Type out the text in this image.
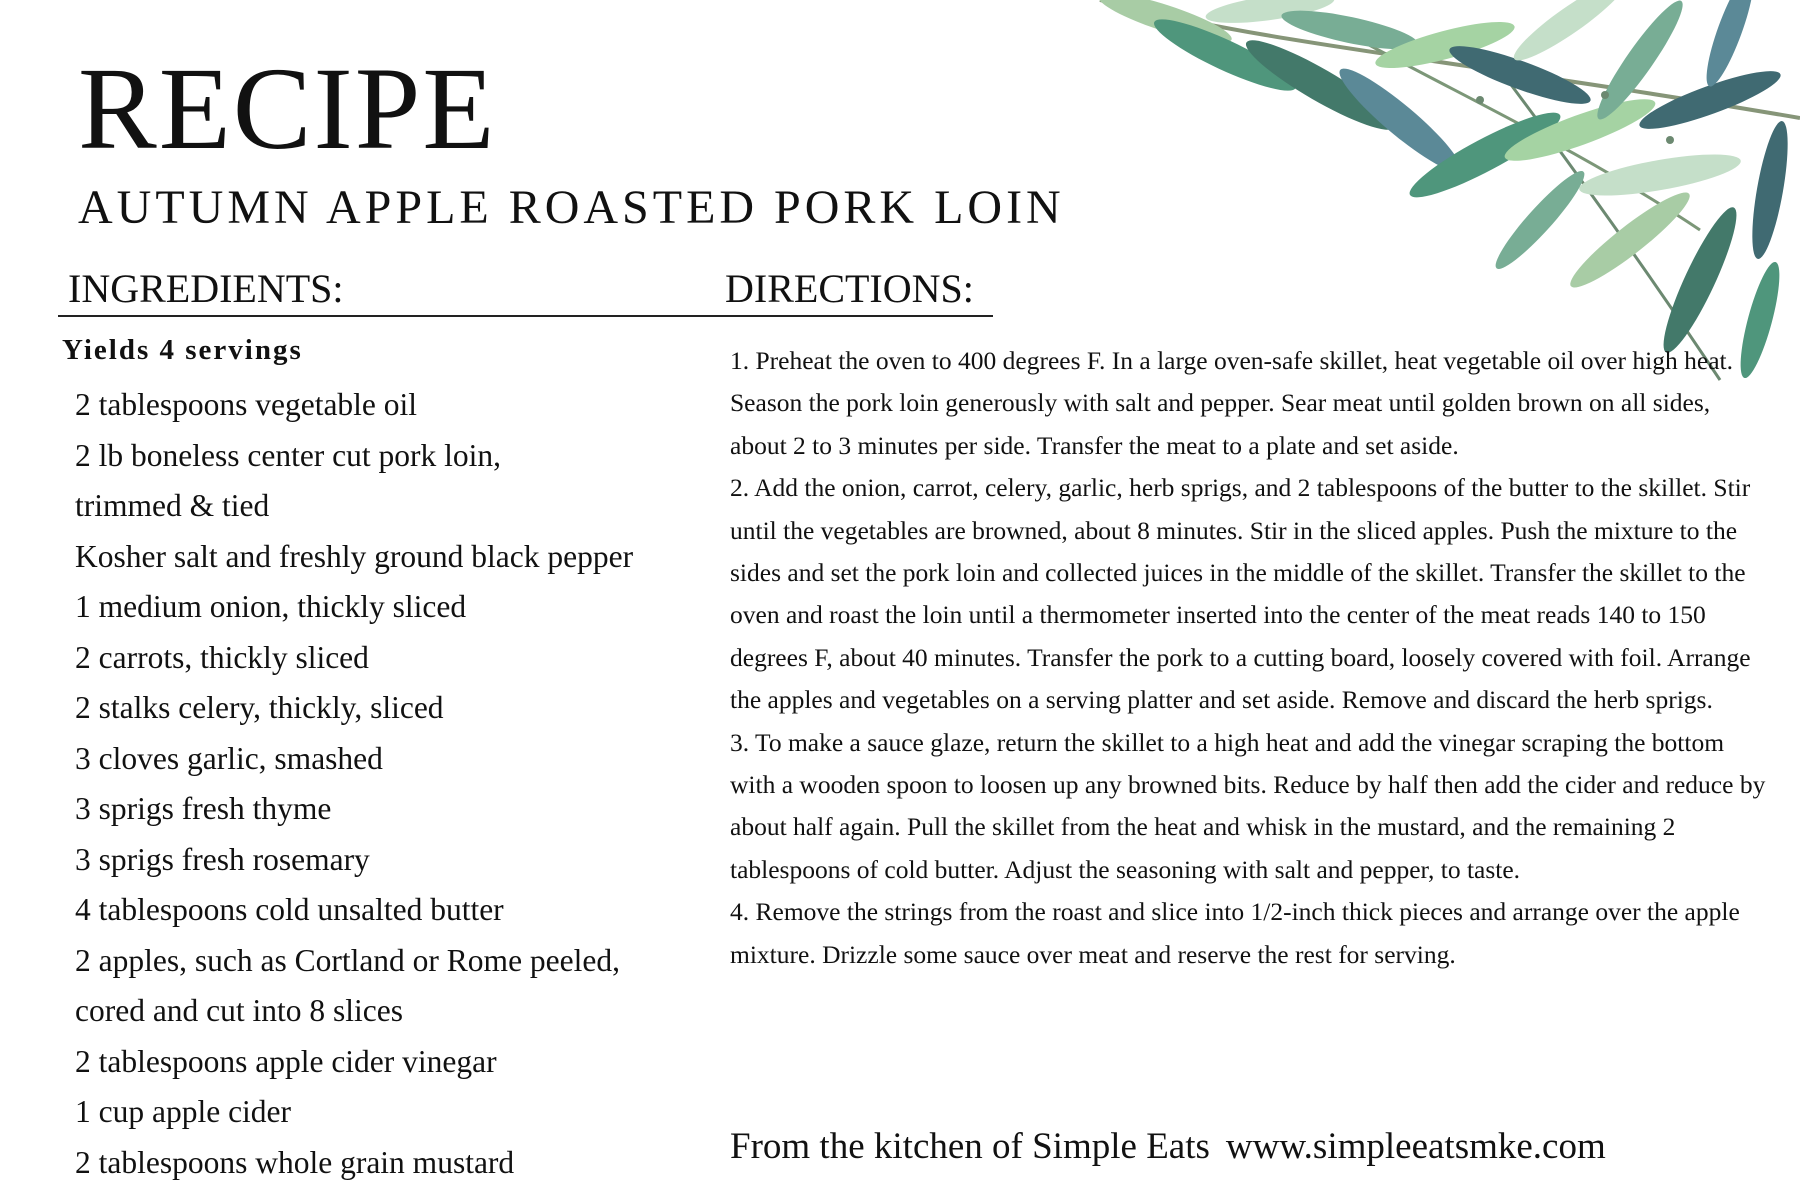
RECIPE
AUTUMN APPLE ROASTED PORK LOIN
INGREDIENTS:	DIRECTIONS:
Yields 4 servings
2 tablespoons vegetable oil
2 lb boneless center cut pork loin,
trimmed & tied
Kosher salt and freshly ground black pepper
1 medium onion, thickly sliced
2 carrots, thickly sliced
2 stalks celery, thickly, sliced
3 cloves garlic, smashed
3 sprigs fresh thyme
3 sprigs fresh rosemary
4 tablespoons cold unsalted butter
2 apples, such as Cortland or Rome peeled,
cored and cut into 8 slices
2 tablespoons apple cider vinegar
1 cup apple cider
2 tablespoons whole grain mustard

1. Preheat the oven to 400 degrees F. In a large oven-safe skillet, heat vegetable oil over high heat. Season the pork loin generously with salt and pepper. Sear meat until golden brown on all sides, about 2 to 3 minutes per side. Transfer the meat to a plate and set aside.

2. Add the onion, carrot, celery, garlic, herb sprigs, and 2 tablespoons of the butter to the skillet. Stir until the vegetables are browned, about 8 minutes. Stir in the sliced apples. Push the mixture to the sides and set the pork loin and collected juices in the middle of the skillet. Transfer the skillet to the oven and roast the loin until a thermometer inserted into the center of the meat reads 140 to 150 degrees F, about 40 minutes. Transfer the pork to a cutting board, loosely covered with foil. Arrange the apples and vegetables on a serving platter and set aside. Remove and discard the herb sprigs.

3. To make a sauce glaze, return the skillet to a high heat and add the vinegar scraping the bottom with a wooden spoon to loosen up any browned bits. Reduce by half then add the cider and reduce by about half again. Pull the skillet from the heat and whisk in the mustard, and the remaining 2 tablespoons of cold butter. Adjust the seasoning with salt and pepper, to taste.

4. Remove the strings from the roast and slice into 1/2-inch thick pieces and arrange over the apple mixture. Drizzle some sauce over meat and reserve the rest for serving.

From the kitchen of Simple Eats www.simpleeatsmke.com
